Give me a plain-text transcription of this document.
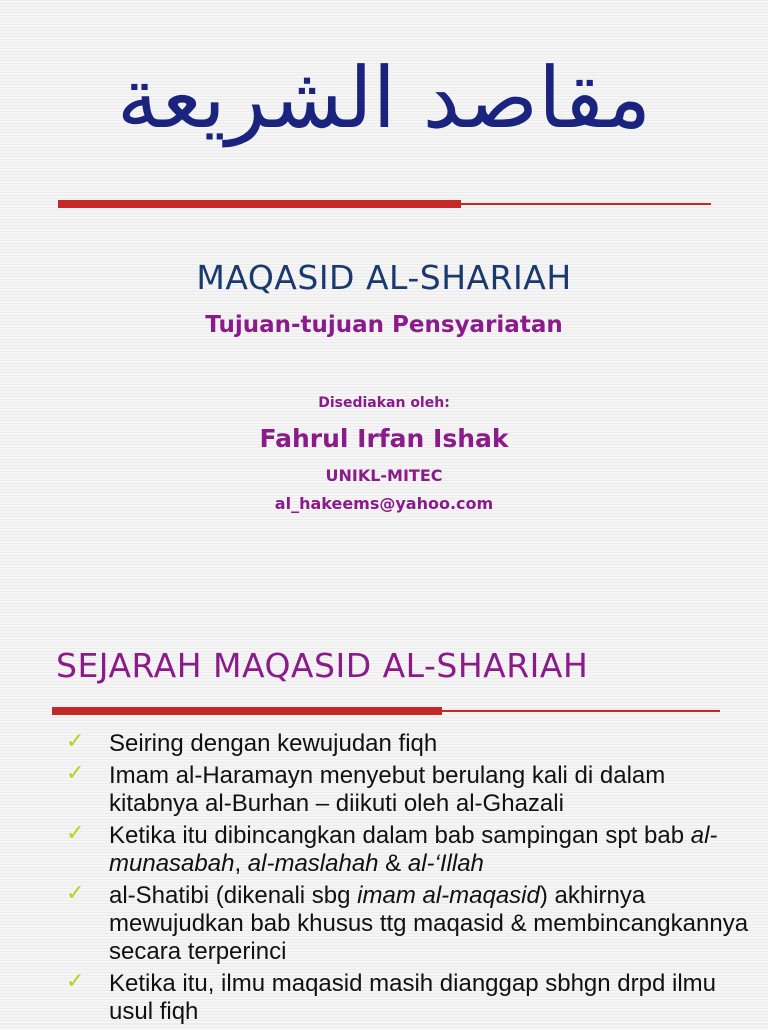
مقاصد الشريعة
MAQASID AL-SHARIAH
Tujuan-tujuan Pensyariatan
Disediakan oleh:
Fahrul Irfan Ishak
UNIKL-MITEC
al_hakeems@yahoo.com
SEJARAH MAQASID AL-SHARIAH
✓ Seiring dengan kewujudan fiqh
✓ Imam al-Haramayn menyebut berulang kali di dalam kitabnya al-Burhan – diikuti oleh al-Ghazali
✓ Ketika itu dibincangkan dalam bab sampingan spt bab al-munasabah, al-maslahah & al-‘Illah
✓ al-Shatibi (dikenali sbg imam al-maqasid) akhirnya mewujudkan bab khusus ttg maqasid & membincangkannya secara terperinci
✓ Ketika itu, ilmu maqasid masih dianggap sbhgn drpd ilmu usul fiqh
